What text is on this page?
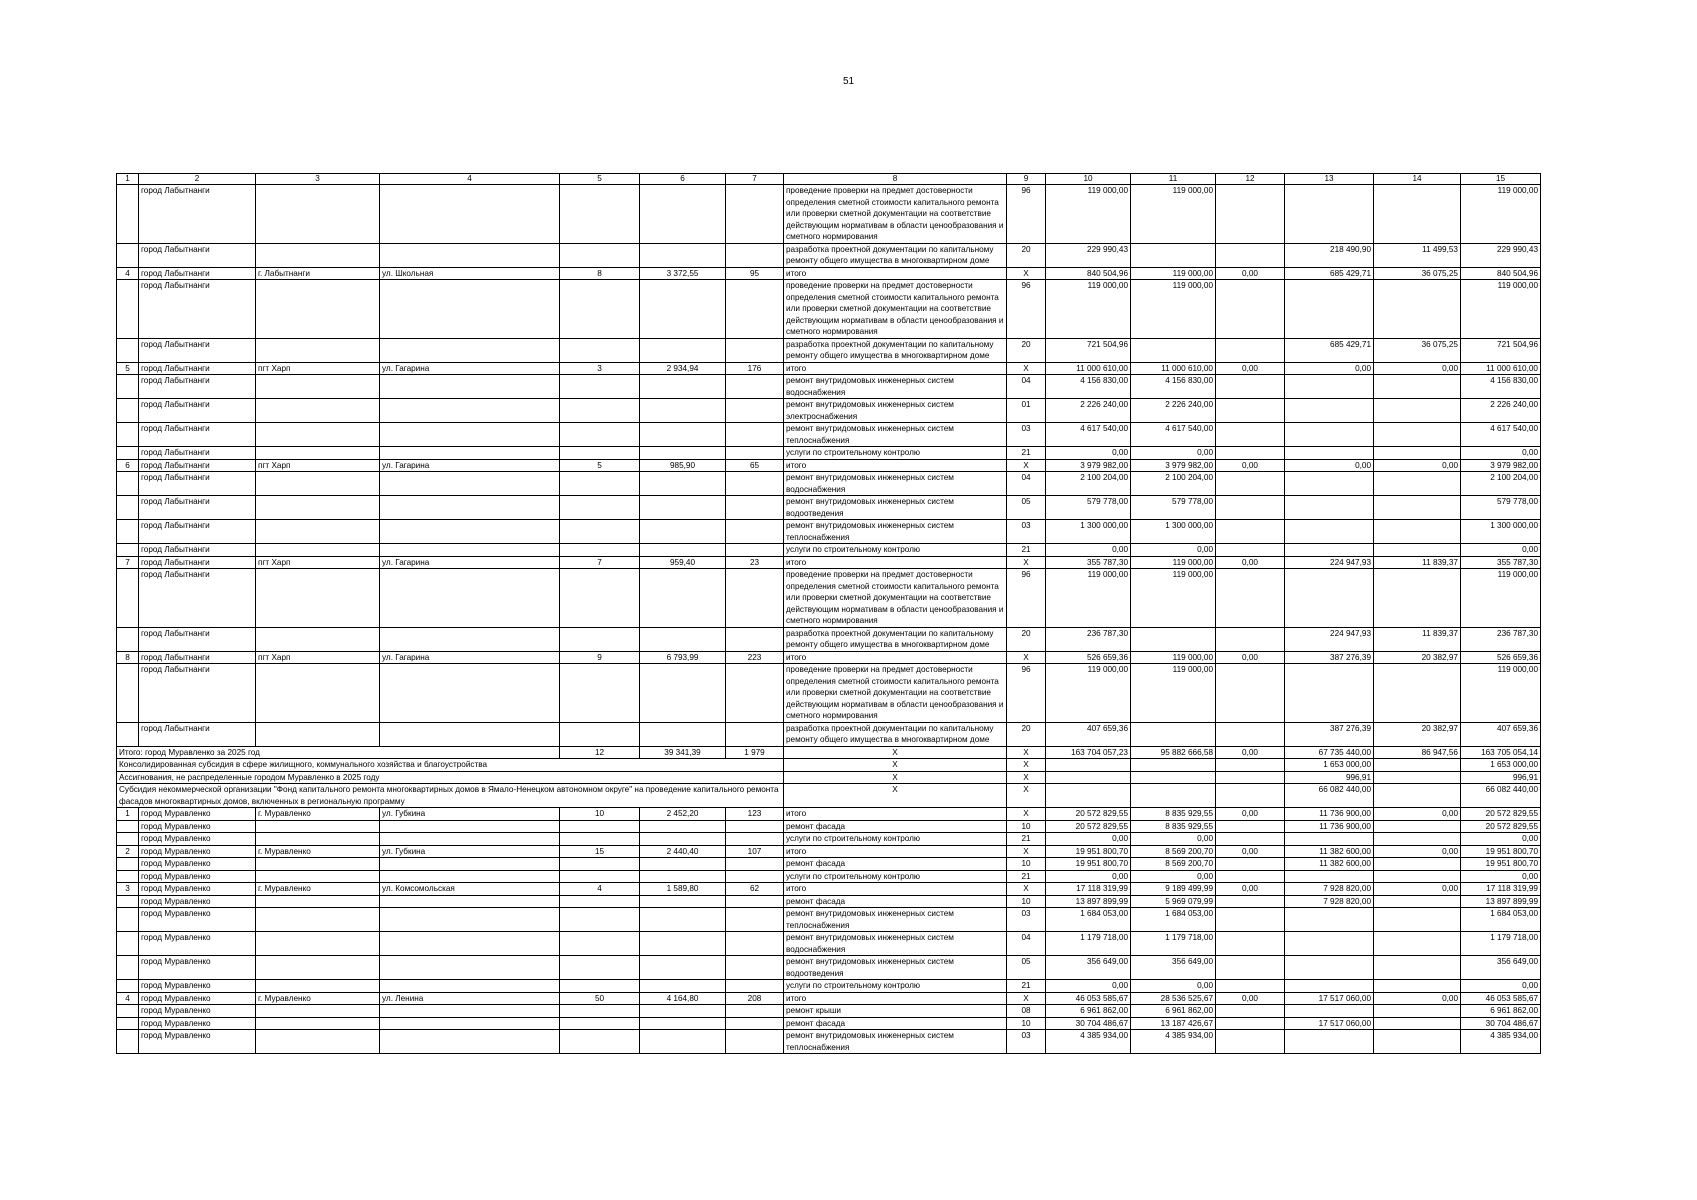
51
1	2	3	4	5	6	7	8	9	10	11	12	13	14	15
	город Лабытнанги						проведение проверки на предмет достоверности определения сметной стоимости капитального ремонта или проверки сметной документации на соответствие действующим нормативам в области ценообразования и сметного нормирования	96	119 000,00	119 000,00				119 000,00
	город Лабытнанги						разработка проектной документации по капитальному ремонту общего имущества в многоквартирном доме	20	229 990,43			218 490,90	11 499,53	229 990,43
4	город Лабытнанги	г. Лабытнанги	ул. Школьная	8	3 372,55	95	итого	X	840 504,96	119 000,00	0,00	685 429,71	36 075,25	840 504,96
	город Лабытнанги						проведение проверки на предмет достоверности определения сметной стоимости капитального ремонта или проверки сметной документации на соответствие действующим нормативам в области ценообразования и сметного нормирования	96	119 000,00	119 000,00				119 000,00
	город Лабытнанги						разработка проектной документации по капитальному ремонту общего имущества в многоквартирном доме	20	721 504,96			685 429,71	36 075,25	721 504,96
5	город Лабытнанги	пгт Харп	ул. Гагарина	3	2 934,94	176	итого	X	11 000 610,00	11 000 610,00	0,00	0,00	0,00	11 000 610,00
	город Лабытнанги						ремонт внутридомовых инженерных систем водоснабжения	04	4 156 830,00	4 156 830,00				4 156 830,00
	город Лабытнанги						ремонт внутридомовых инженерных систем электроснабжения	01	2 226 240,00	2 226 240,00				2 226 240,00
	город Лабытнанги						ремонт внутридомовых инженерных систем теплоснабжения	03	4 617 540,00	4 617 540,00				4 617 540,00
	город Лабытнанги						услуги по строительному контролю	21	0,00	0,00				0,00
6	город Лабытнанги	пгт Харп	ул. Гагарина	5	985,90	65	итого	X	3 979 982,00	3 979 982,00	0,00	0,00	0,00	3 979 982,00
	город Лабытнанги						ремонт внутридомовых инженерных систем водоснабжения	04	2 100 204,00	2 100 204,00				2 100 204,00
	город Лабытнанги						ремонт внутридомовых инженерных систем водоотведения	05	579 778,00	579 778,00				579 778,00
	город Лабытнанги						ремонт внутридомовых инженерных систем теплоснабжения	03	1 300 000,00	1 300 000,00				1 300 000,00
	город Лабытнанги						услуги по строительному контролю	21	0,00	0,00				0,00
7	город Лабытнанги	пгт Харп	ул. Гагарина	7	959,40	23	итого	X	355 787,30	119 000,00	0,00	224 947,93	11 839,37	355 787,30
	город Лабытнанги						проведение проверки на предмет достоверности определения сметной стоимости капитального ремонта или проверки сметной документации на соответствие действующим нормативам в области ценообразования и сметного нормирования	96	119 000,00	119 000,00				119 000,00
	город Лабытнанги						разработка проектной документации по капитальному ремонту общего имущества в многоквартирном доме	20	236 787,30			224 947,93	11 839,37	236 787,30
8	город Лабытнанги	пгт Харп	ул. Гагарина	9	6 793,99	223	итого	X	526 659,36	119 000,00	0,00	387 276,39	20 382,97	526 659,36
	город Лабытнанги						проведение проверки на предмет достоверности определения сметной стоимости капитального ремонта или проверки сметной документации на соответствие действующим нормативам в области ценообразования и сметного нормирования	96	119 000,00	119 000,00				119 000,00
	город Лабытнанги						разработка проектной документации по капитальному ремонту общего имущества в многоквартирном доме	20	407 659,36			387 276,39	20 382,97	407 659,36
Итого: город Муравленко за 2025 год				12	39 341,39	1 979	X	X	163 704 057,23	95 882 666,58	0,00	67 735 440,00	86 947,56	163 705 054,14
Консолидированная субсидия в сфере жилищного, коммунального хозяйства и благоустройства							X	X				1 653 000,00		1 653 000,00
Ассигнования, не распределенные городом Муравленко в 2025 году							X	X				996,91		996,91
Субсидия некоммерческой организации "Фонд капитального ремонта многоквартирных домов в Ямало-Ненецком автономном округе" на проведение капитального ремонта фасадов многоквартирных домов, включенных в региональную программу							X	X				66 082 440,00		66 082 440,00
1	город Муравленко	г. Муравленко	ул. Губкина	10	2 452,20	123	итого	X	20 572 829,55	8 835 929,55	0,00	11 736 900,00	0,00	20 572 829,55
	город Муравленко						ремонт фасада	10	20 572 829,55	8 835 929,55		11 736 900,00		20 572 829,55
	город Муравленко						услуги по строительному контролю	21	0,00	0,00				0,00
2	город Муравленко	г. Муравленко	ул. Губкина	15	2 440,40	107	итого	X	19 951 800,70	8 569 200,70	0,00	11 382 600,00	0,00	19 951 800,70
	город Муравленко						ремонт фасада	10	19 951 800,70	8 569 200,70		11 382 600,00		19 951 800,70
	город Муравленко						услуги по строительному контролю	21	0,00	0,00				0,00
3	город Муравленко	г. Муравленко	ул. Комсомольская	4	1 589,80	62	итого	X	17 118 319,99	9 189 499,99	0,00	7 928 820,00	0,00	17 118 319,99
	город Муравленко						ремонт фасада	10	13 897 899,99	5 969 079,99		7 928 820,00		13 897 899,99
	город Муравленко						ремонт внутридомовых инженерных систем теплоснабжения	03	1 684 053,00	1 684 053,00				1 684 053,00
	город Муравленко						ремонт внутридомовых инженерных систем водоснабжения	04	1 179 718,00	1 179 718,00				1 179 718,00
	город Муравленко						ремонт внутридомовых инженерных систем водоотведения	05	356 649,00	356 649,00				356 649,00
	город Муравленко						услуги по строительному контролю	21	0,00	0,00				0,00
4	город Муравленко	г. Муравленко	ул. Ленина	50	4 164,80	208	итого	X	46 053 585,67	28 536 525,67	0,00	17 517 060,00	0,00	46 053 585,67
	город Муравленко						ремонт крыши	08	6 961 862,00	6 961 862,00				6 961 862,00
	город Муравленко						ремонт фасада	10	30 704 486,67	13 187 426,67		17 517 060,00		30 704 486,67
	город Муравленко						ремонт внутридомовых инженерных систем теплоснабжения	03	4 385 934,00	4 385 934,00				4 385 934,00
